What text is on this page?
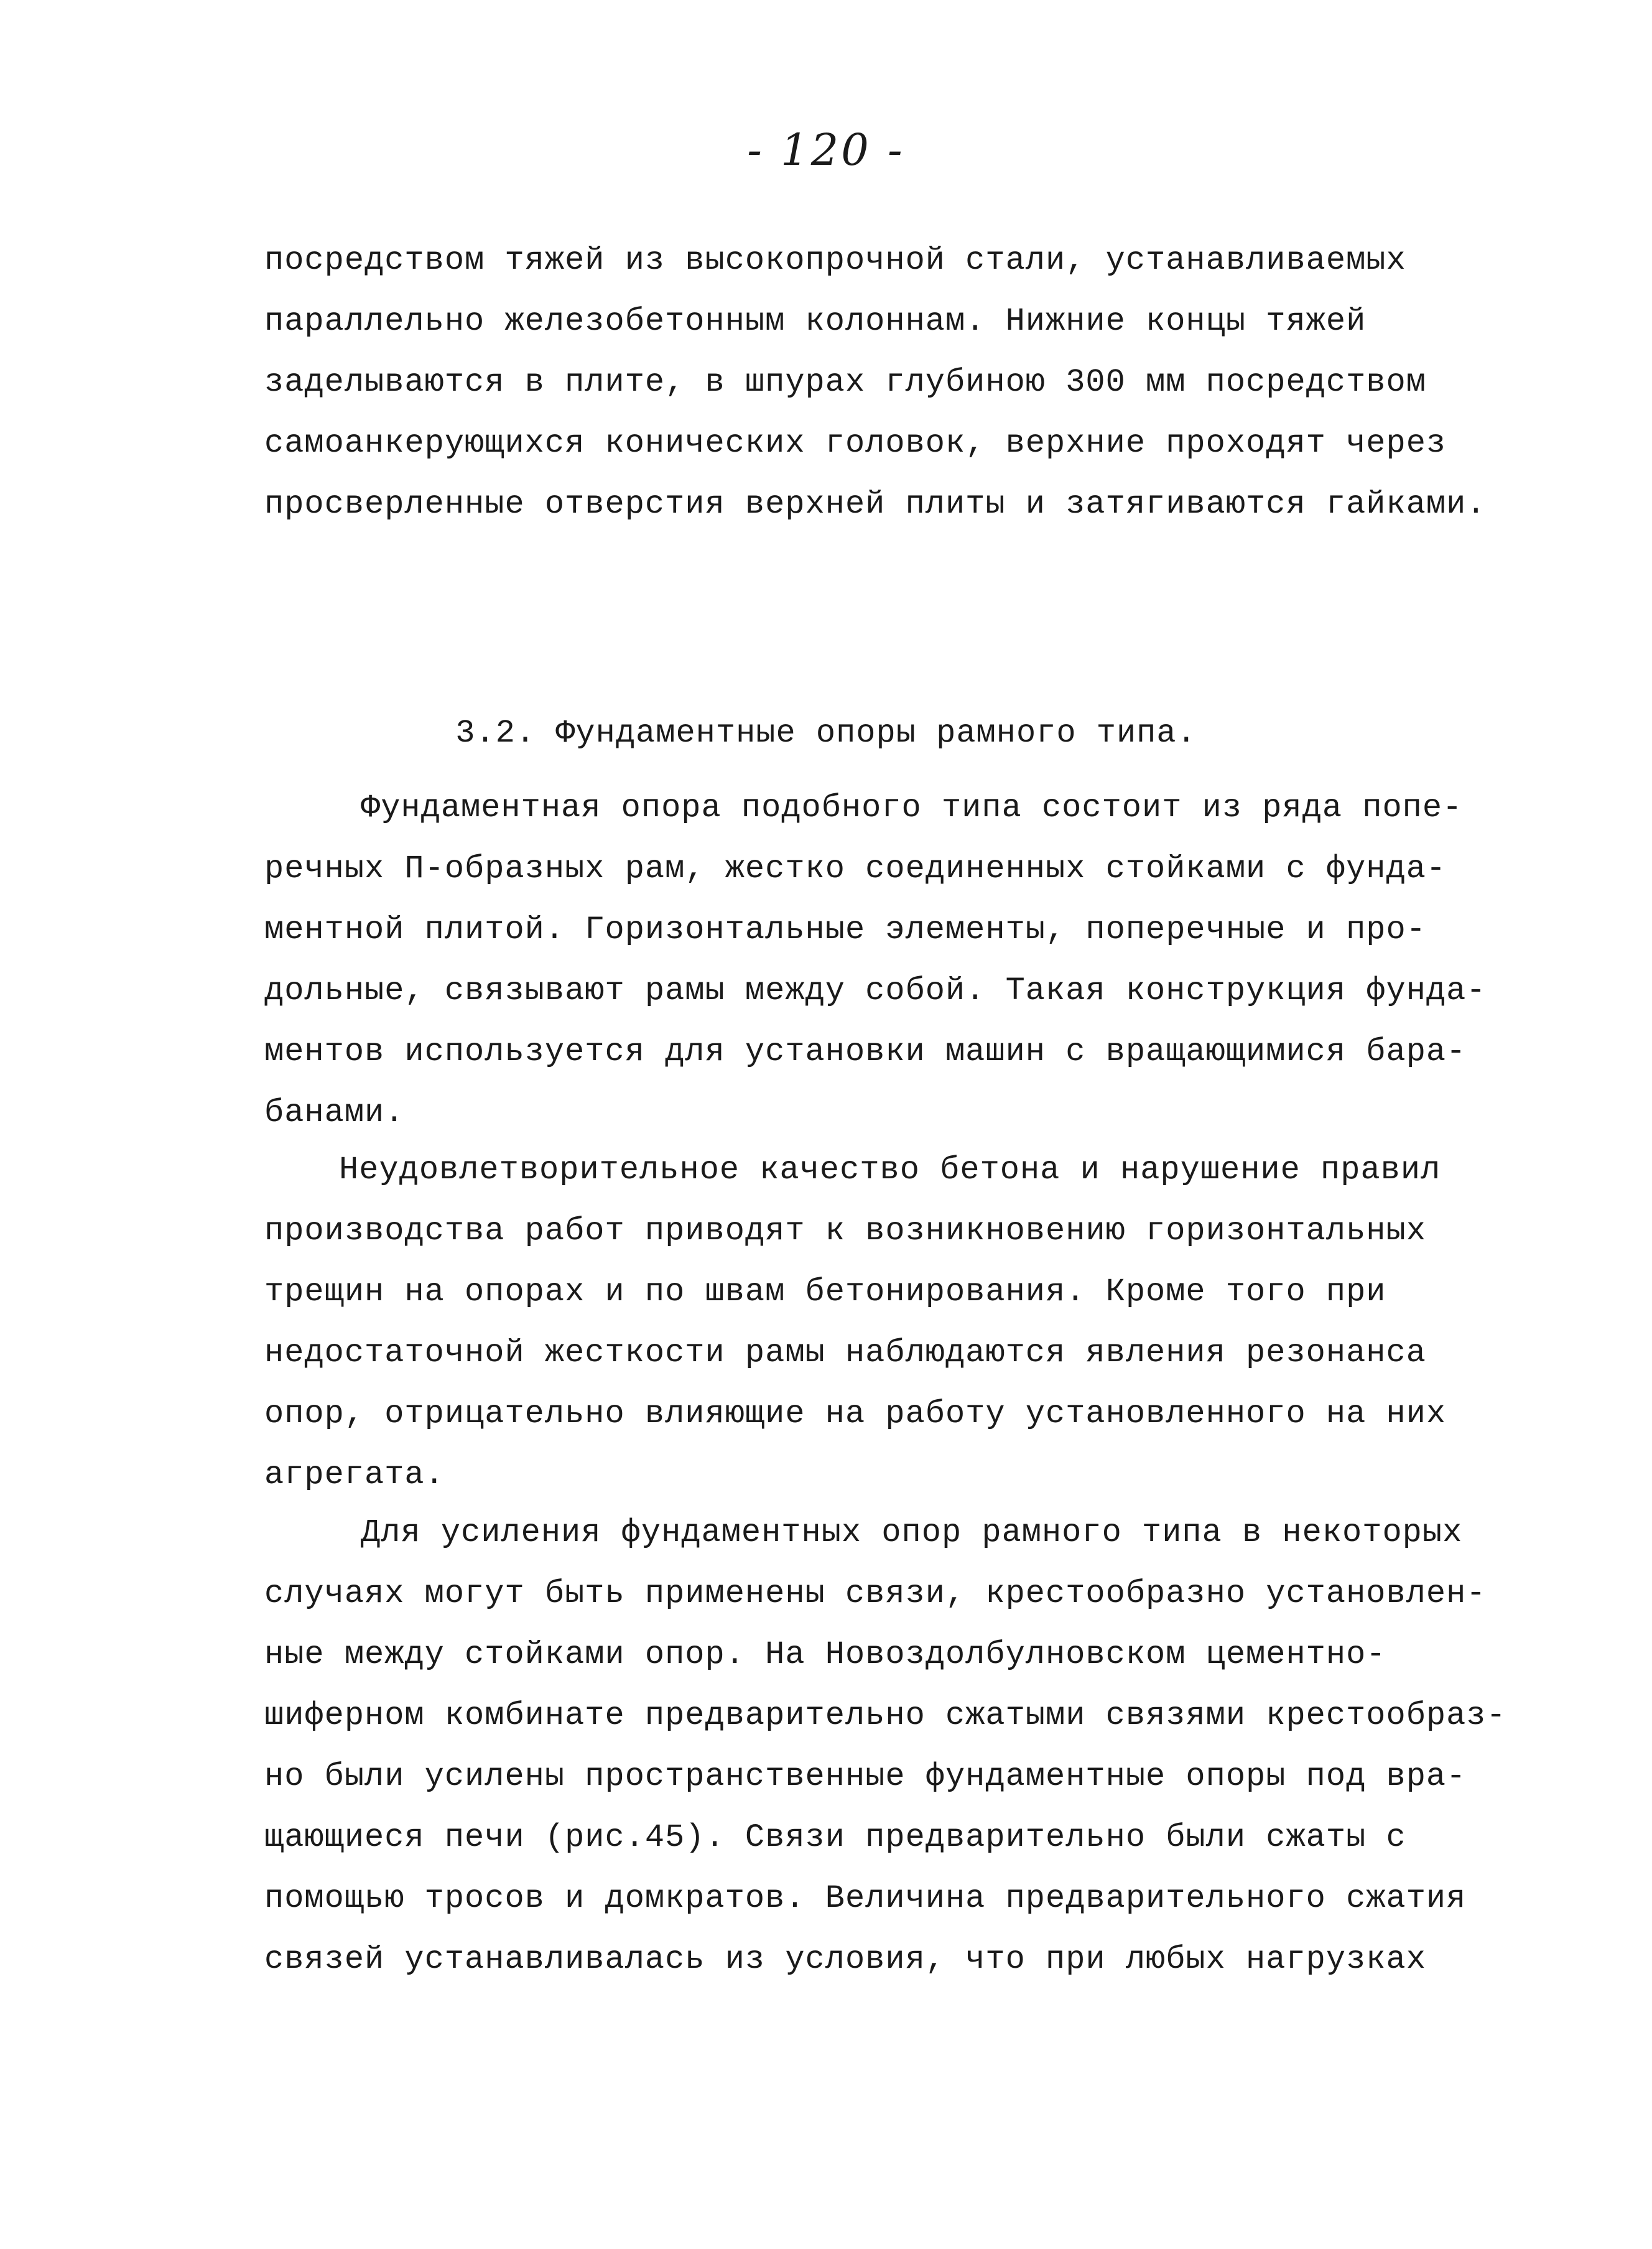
- 120 -
посредством тяжей из высокопрочной стали, устанавливаемых
параллельно железобетонным колоннам. Нижние концы тяжей
заделываются в плите, в шпурах глубиною 300 мм посредством
самоанкерующихся конических головок, верхние проходят через
просверленные отверстия верхней плиты и затягиваются гайками.
3.2. Фундаментные опоры рамного типа.
Фундаментная опора подобного типа состоит из ряда попе-
речных П-образных рам, жестко соединенных стойками с фунда-
ментной плитой. Горизонтальные элементы, поперечные и про-
дольные, связывают рамы между собой. Такая конструкция фунда-
ментов используется для установки машин с вращающимися бара-
банами.
Неудовлетворительное качество бетона и нарушение правил
производства работ приводят к возникновению горизонтальных
трещин на опорах и по швам бетонирования. Кроме того при
недостаточной жесткости рамы наблюдаются явления резонанса
опор, отрицательно влияющие на работу установленного на них
агрегата.
Для усиления фундаментных опор рамного типа в некоторых
случаях могут быть применены связи, крестообразно установлен-
ные между стойками опор. На Новоздолбулновском цементно-
шиферном комбинате предварительно сжатыми связями крестообраз-
но были усилены пространственные фундаментные опоры под вра-
щающиеся печи (рис.45). Связи предварительно были сжаты с
помощью тросов и домкратов. Величина предварительного сжатия
связей устанавливалась из условия, что при любых нагрузках
